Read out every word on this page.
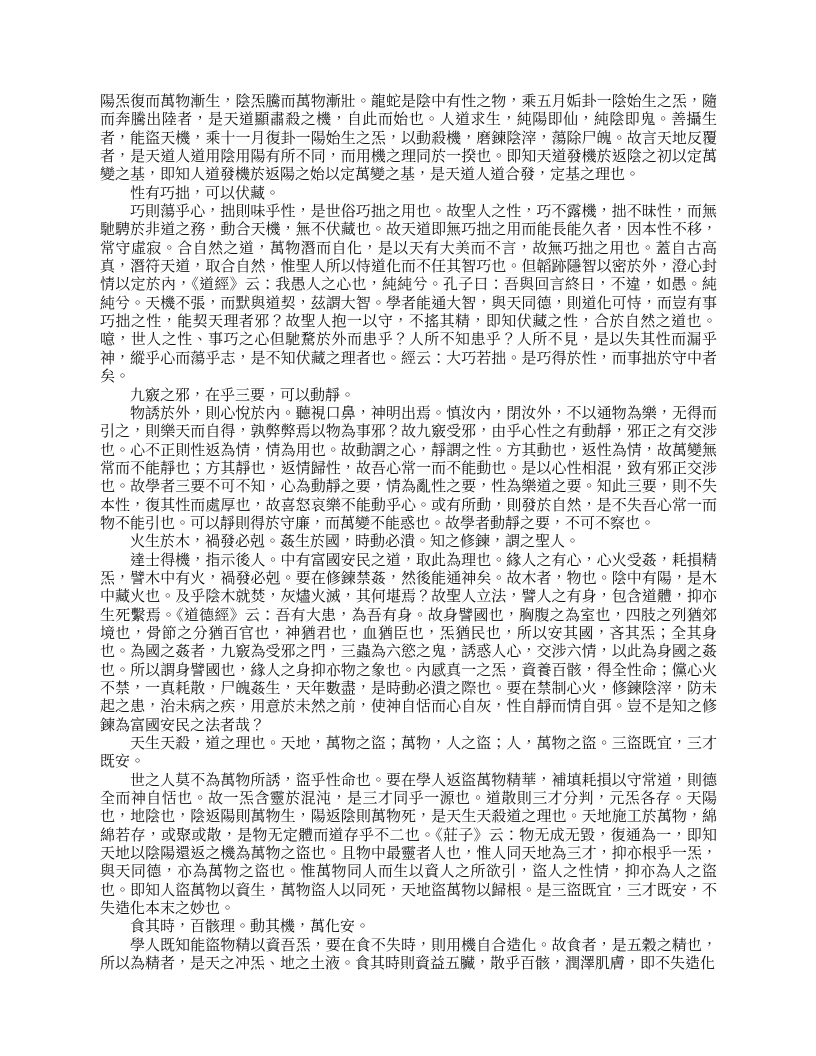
陽炁復而萬物漸生，陰炁騰而萬物漸壯。龍蛇是陰中有性之物，乘五月姤卦一陰始生之炁，隨而奔騰出陸者，是天道顯肅殺之機，自此而始也。人道求生，純陽即仙，純陰即鬼。善攝生者，能盜天機，乘十一月復卦一陽始生之炁，以動殺機，磨鍊陰滓，蕩除尸魄。故言天地反覆者，是天道人道用陰用陽有所不同，而用機之理同於一揆也。即知天道發機於返陰之初以定萬變之基，即知人道發機於返陽之始以定萬變之基，是天道人道合發，定基之理也。

性有巧拙，可以伏藏。

巧則蕩乎心，拙則味乎性，是世俗巧拙之用也。故聖人之性，巧不露機，拙不昧性，而無馳騁於非道之務，動合天機，無不伏藏也。故天道即無巧拙之用而能長能久者，因本性不移，常守虛寂。合自然之道，萬物潛而自化，是以天有大美而不言，故無巧拙之用也。蓋自古高真，潛符天道，取合自然，惟聖人所以恃道化而不任其智巧也。但韜跡隱智以密於外，澄心封情以定於內，《道經》云：我愚人之心也，純純兮。孔子曰：吾與回言終日，不違，如愚。純純兮。天機不張，而默與道契，茲謂大智。學者能通大智，與天同德，則道化可恃，而豈有事巧拙之性，能契天理者邪？故聖人抱一以守，不搖其精，即知伏藏之性，合於自然之道也。噫，世人之性、事巧之心但馳騖於外而患乎？人所不知患乎？人所不見，是以失其性而漏乎神，縱乎心而蕩乎志，是不知伏藏之理者也。經云：大巧若拙。是巧得於性，而事拙於守中者矣。

九竅之邪，在乎三要，可以動靜。

物誘於外，則心悅於內。聽視口鼻，神明出焉。慎汝內，閉汝外，不以通物為樂，无得而引之，則樂天而自得，孰弊弊焉以物為事邪？故九竅受邪，由乎心性之有動靜，邪正之有交涉也。心不正則性返為情，情為用也。故動謂之心，靜謂之性。方其動也，返性為情，故萬變無常而不能靜也；方其靜也，返情歸性，故吾心常一而不能動也。是以心性相混，致有邪正交涉也。故學者三要不可不知，心為動靜之要，情為亂性之要，性為樂道之要。知此三要，則不失本性，復其性而處厚也，故喜怒哀樂不能動乎心。或有所動，則發於自然，是不失吾心常一而物不能引也。可以靜則得於守廉，而萬變不能惑也。故學者動靜之要，不可不察也。

火生於木，禍發必剋。姦生於國，時動必潰。知之修鍊，謂之聖人。

達士得機，指示後人。中有富國安民之道，取此為理也。緣人之有心，心火受姦，耗損精炁，譬木中有火，禍發必剋。要在修鍊禁姦，然後能通神矣。故木者，物也。陰中有陽，是木中藏火也。及乎陰木就焚，灰燼火滅，其何堪焉？故聖人立法，譬人之有身，包含道體，抑亦生死繫焉。《道德經》云：吾有大患，為吾有身。故身譬國也，胸腹之為室也，四肢之列猶郊境也，骨節之分猶百官也，神猶君也，血猶臣也，炁猶民也，所以安其國，吝其炁；全其身也。為國之姦者，九竅為受邪之門，三蟲為六慾之鬼，誘惑人心，交涉六情，以此為身國之姦也。所以謂身譬國也，緣人之身抑亦物之象也。內感真一之炁，資養百骸，得全性命；儻心火不禁，一真耗散，尸魄姦生，天年數盡，是時動必潰之際也。要在禁制心火，修鍊陰滓，防未起之患，治未病之疾，用意於未然之前，使神自恬而心自灰，性自靜而情自弭。豈不是知之修鍊為富國安民之法者哉？

天生天殺，道之理也。天地，萬物之盜；萬物，人之盜；人，萬物之盜。三盜既宜，三才既安。

世之人莫不為萬物所誘，盜乎性命也。要在學人返盜萬物精華，補填耗損以守常道，則德全而神自恬也。故一炁含靈於混沌，是三才同乎一源也。道散則三才分判，元炁各存。天陽也，地陰也，陰返陽則萬物生，陽返陰則萬物死，是天生天殺道之理也。天地施工於萬物，綿綿若存，或聚或散，是物无定體而道存乎不二也。《莊子》云：物无成无毀，復通為一，即知天地以陰陽還返之機為萬物之盜也。且物中最靈者人也，惟人同天地為三才，抑亦根乎一炁，與天同德，亦為萬物之盜也。惟萬物同人而生以資人之所欲引，盜人之性情，抑亦為人之盜也。即知人盜萬物以資生，萬物盜人以同死，天地盜萬物以歸根。是三盜既宜，三才既安，不失造化本末之妙也。

食其時，百骸理。動其機，萬化安。

學人既知能盜物精以資吾炁，要在食不失時，則用機自合造化。故食者，是五穀之精也，所以為精者，是天之冲炁、地之土液。食其時則資益五臟，散乎百骸，潤澤肌膚，即不失造化
